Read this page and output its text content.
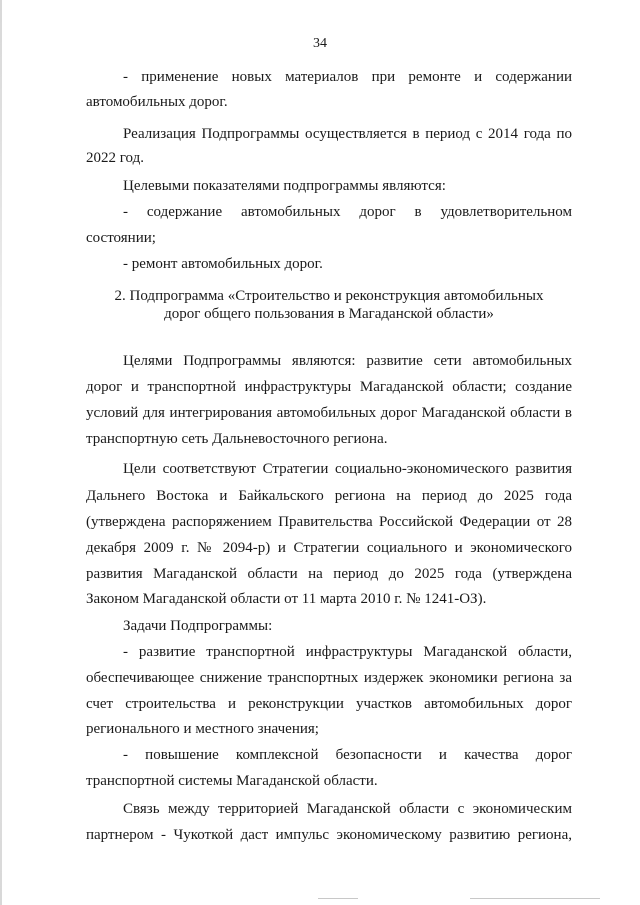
34
- применение новых материалов при ремонте и содержании
автомобильных дорог.
Реализация Подпрограммы осуществляется в период с 2014 года по
2022 год.
Целевыми показателями подпрограммы являются:
- содержание автомобильных дорог в удовлетворительном
состоянии;
- ремонт автомобильных дорог.
2. Подпрограмма «Строительство и реконструкция автомобильных
дорог общего пользования в Магаданской области»
Целями Подпрограммы являются: развитие сети автомобильных
дорог и транспортной инфраструктуры Магаданской области; создание
условий для интегрирования автомобильных дорог Магаданской области в
транспортную сеть Дальневосточного региона.
Цели соответствуют Стратегии социально-экономического развития
Дальнего Востока и Байкальского региона на период до 2025 года
(утверждена распоряжением Правительства Российской Федерации от 28
декабря 2009 г. № 2094-р) и Стратегии социального и экономического
развития Магаданской области на период до 2025 года (утверждена
Законом Магаданской области от 11 марта 2010 г. № 1241-ОЗ).
Задачи Подпрограммы:
- развитие транспортной инфраструктуры Магаданской области,
обеспечивающее снижение транспортных издержек экономики региона за
счет строительства и реконструкции участков автомобильных дорог
регионального и местного значения;
- повышение комплексной безопасности и качества дорог
транспортной системы Магаданской области.
Связь между территорией Магаданской области с экономическим
партнером - Чукоткой даст импульс экономическому развитию региона,
